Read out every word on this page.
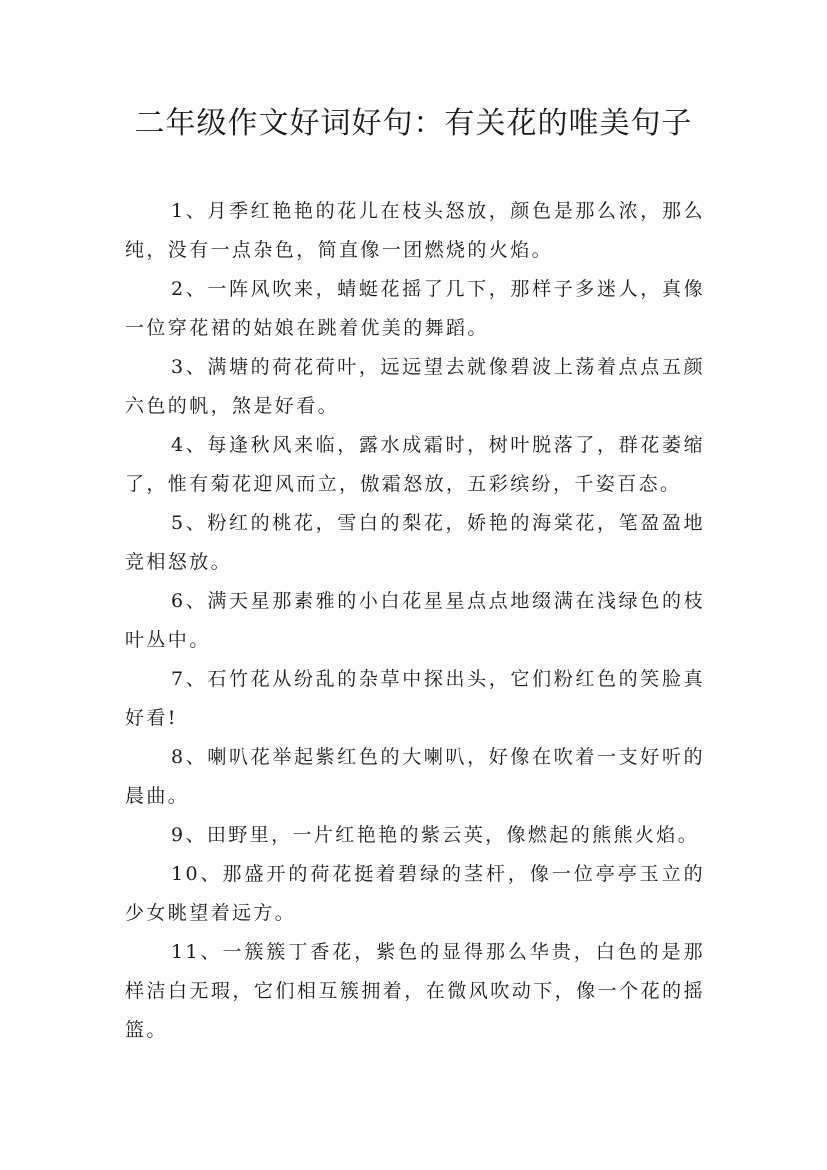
二年级作文好词好句：有关花的唯美句子

1、月季红艳艳的花儿在枝头怒放，颜色是那么浓，那么纯，没有一点杂色，简直像一团燃烧的火焰。

2、一阵风吹来，蜻蜓花摇了几下，那样子多迷人，真像一位穿花裙的姑娘在跳着优美的舞蹈。

3、满塘的荷花荷叶，远远望去就像碧波上荡着点点五颜六色的帆，煞是好看。

4、每逢秋风来临，露水成霜时，树叶脱落了，群花萎缩了，惟有菊花迎风而立，傲霜怒放，五彩缤纷，千姿百态。

5、粉红的桃花，雪白的梨花，娇艳的海棠花，笔盈盈地竞相怒放。

6、满天星那素雅的小白花星星点点地缀满在浅绿色的枝叶丛中。

7、石竹花从纷乱的杂草中探出头，它们粉红色的笑脸真好看!

8、喇叭花举起紫红色的大喇叭，好像在吹着一支好听的晨曲。

9、田野里，一片红艳艳的紫云英，像燃起的熊熊火焰。

10、那盛开的荷花挺着碧绿的茎杆，像一位亭亭玉立的少女眺望着远方。

11、一簇簇丁香花，紫色的显得那么华贵，白色的是那样洁白无瑕，它们相互簇拥着，在微风吹动下，像一个花的摇篮。
